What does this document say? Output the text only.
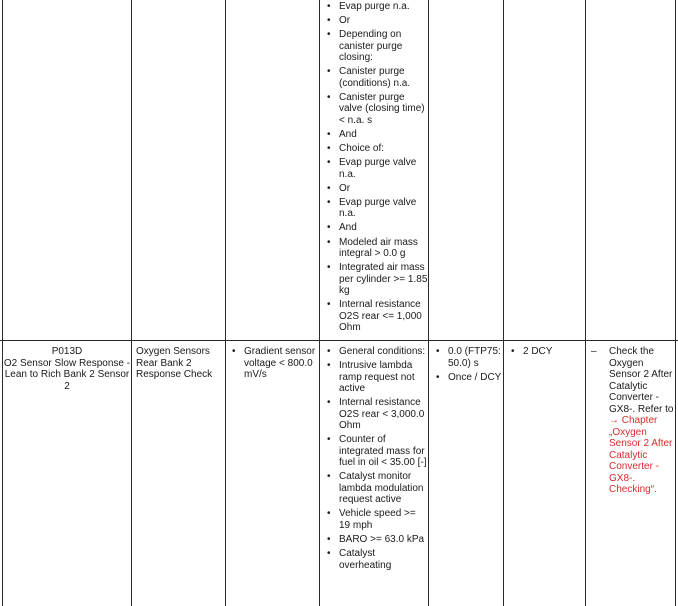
• Evap purge n.a.
• Or
• Depending on canister purge closing:
• Canister purge (conditions) n.a.
• Canister purge valve (closing time) < n.a. s
• And
• Choice of:
• Evap purge valve n.a.
• Or
• Evap purge valve n.a.
• And
• Modeled air mass integral > 0.0 g
• Integrated air mass per cylinder >= 1.85 kg
• Internal resistance O2S rear <= 1,000 Ohm
P013D
O2 Sensor Slow Response - Lean to Rich Bank 2 Sensor 2
Oxygen Sensors Rear Bank 2 Response Check
• Gradient sensor voltage < 800.0 mV/s
• General conditions:
• Intrusive lambda ramp request not active
• Internal resistance O2S rear < 3,000.0 Ohm
• Counter of integrated mass for fuel in oil < 35.00 [-]
• Catalyst monitor lambda modulation request active
• Vehicle speed >= 19 mph
• BARO >= 63.0 kPa
• Catalyst overheating
• 0.0 (FTP75: 50.0) s
• Once / DCY
• 2 DCY
–	Check the Oxygen Sensor 2 After Catalytic Converter -GX8-. Refer to → Chapter „Oxygen Sensor 2 After Catalytic Converter -GX8-. Checking“.
